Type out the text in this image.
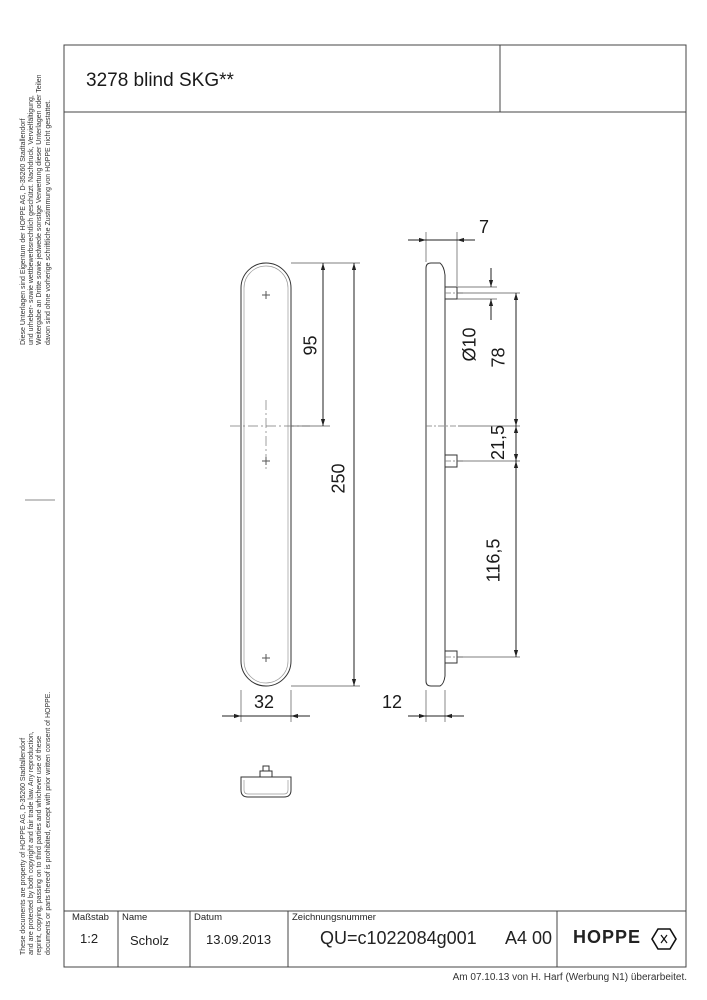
3278 blind SKG**
Diese Unterlagen sind Eigentum der HOPPE AG, D-35260 Stadtallendorf und urheber- sowie wettbewerbsrechtlich geschützt. Nachdruck, Vervielfältigung, Weitergabe an Dritte sowie jedwede sonstige Verwertung dieser Unterlagen oder Teilen davon sind ohne vorherige schriftliche Zustimmung von HOPPE nicht gestattet.
These documents are property of HOPPE AG, D-35260 Stadtallendorf and are protected by both copyright and fair trade law. Any reproduction, reprint, copying, passing on to third parties and whichever use of these documents or parts thereof is prohibited, except with prior written consent of HOPPE.
95
250
32
7
Ø10 78
21,5
116,5
12
Maßstab
1:2
Name
Scholz
Datum
13.09.2013
Zeichnungsnummer
QU=c1022084g001 A4 00 HOPPE
Am 07.10.13 von H. Harf (Werbung N1) überarbeitet.
